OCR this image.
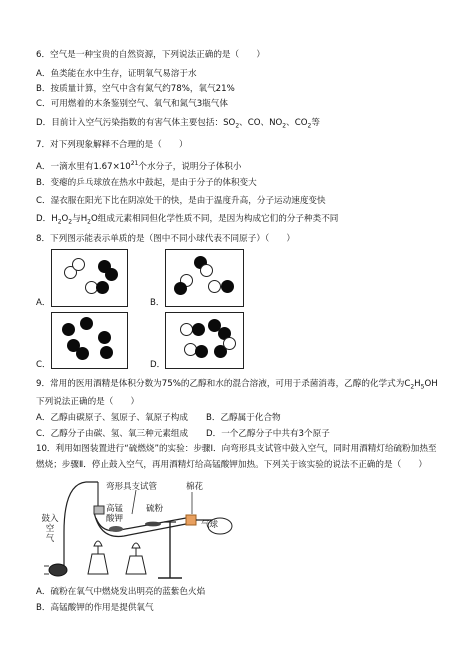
6．空气是一种宝贵的自然资源，下列说法正确的是（　　）
A．鱼类能在水中生存，证明氧气易溶于水
B．按质量计算，空气中含有氮气约78%，氧气21%
C．可用燃着的木条鉴别空气、氧气和氮气3瓶气体
D．目前计入空气污染指数的有害气体主要包括：$SO_2$、CO、$NO_2$、$CO_2$等
7．对下列现象解释不合理的是（　　）
A．一滴水里有$1.67\times 10^{21}$个水分子，说明分子体积小
B．变瘪的乒乓球放在热水中鼓起，是由于分子的体积变大
C．湿衣服在阳光下比在阴凉处干的快，是由于温度升高，分子运动速度变快
D．$H_2O_2$与$H_2O$组成元素相同但化学性质不同，是因为构成它们的分子种类不同
8．下列图示能表示单质的是（图中不同小球代表不同原子）（　　）
A．	B．
C．	D．
9．常用的医用酒精是体积分数为75%的乙醇和水的混合溶液，可用于杀菌消毒，乙醇的化学式为$C_2H_5OH$
下列说法正确的是（　　）
A．乙醇由碳原子、氢原子、氧原子构成 B．乙醇属于化合物
C．乙醇分子由碳、氢、氧三种元素组成 D．一个乙醇分子中共有3个原子
10．利用如图装置进行“硫燃烧”的实验：步骤Ⅰ．向弯形具支试管中鼓入空气，同时用酒精灯给硫粉加热至
燃烧；步骤Ⅱ．停止鼓入空气，再用酒精灯给高锰酸钾加热。下列关于该实验的说法不正确的是（　　）
弯形具支试管	棉花
高锰
酸钾
硫粉
气球
鼓入
空
气
A．硫粉在氧气中燃烧发出明亮的蓝紫色火焰
B．高锰酸钾的作用是提供氧气
